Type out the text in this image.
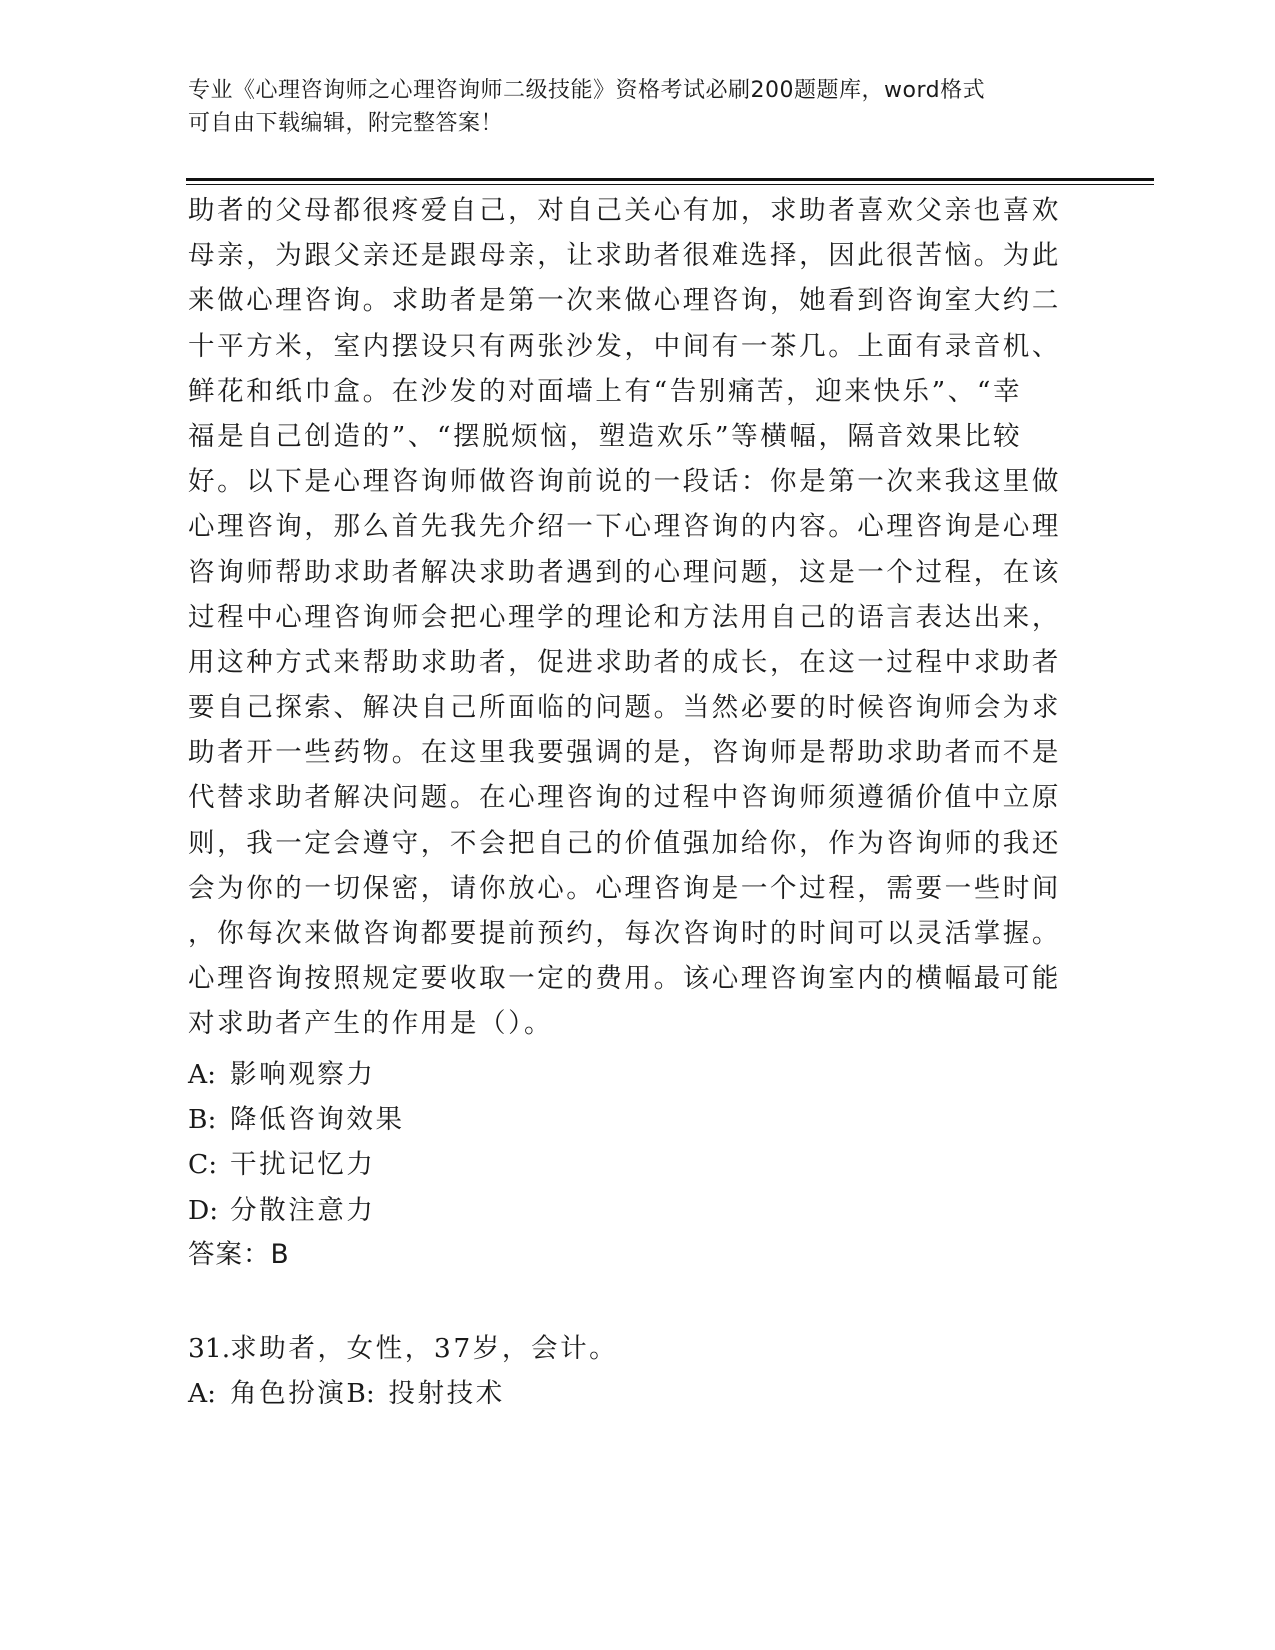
专业《心理咨询师之心理咨询师二级技能》资格考试必刷200题题库，word格式
可自由下载编辑，附完整答案！
助者的父母都很疼爱自己，对自己关心有加，求助者喜欢父亲也喜欢
母亲，为跟父亲还是跟母亲，让求助者很难选择，因此很苦恼。为此
来做心理咨询。求助者是第一次来做心理咨询，她看到咨询室大约二
十平方米，室内摆设只有两张沙发，中间有一茶几。上面有录音机、
鲜花和纸巾盒。在沙发的对面墙上有“告别痛苦，迎来快乐”、“幸
福是自己创造的”、“摆脱烦恼，塑造欢乐”等横幅，隔音效果比较
好。以下是心理咨询师做咨询前说的一段话：你是第一次来我这里做
心理咨询，那么首先我先介绍一下心理咨询的内容。心理咨询是心理
咨询师帮助求助者解决求助者遇到的心理问题，这是一个过程，在该
过程中心理咨询师会把心理学的理论和方法用自己的语言表达出来，
用这种方式来帮助求助者，促进求助者的成长，在这一过程中求助者
要自己探索、解决自己所面临的问题。当然必要的时候咨询师会为求
助者开一些药物。在这里我要强调的是，咨询师是帮助求助者而不是
代替求助者解决问题。在心理咨询的过程中咨询师须遵循价值中立原
则，我一定会遵守，不会把自己的价值强加给你，作为咨询师的我还
会为你的一切保密，请你放心。心理咨询是一个过程，需要一些时间
，你每次来做咨询都要提前预约，每次咨询时的时间可以灵活掌握。
心理咨询按照规定要收取一定的费用。该心理咨询室内的横幅最可能
对求助者产生的作用是（）。
A: 影响观察力
B: 降低咨询效果
C: 干扰记忆力
D: 分散注意力
答案：B
31.求助者，女性，37岁，会计。
A: 角色扮演B: 投射技术
